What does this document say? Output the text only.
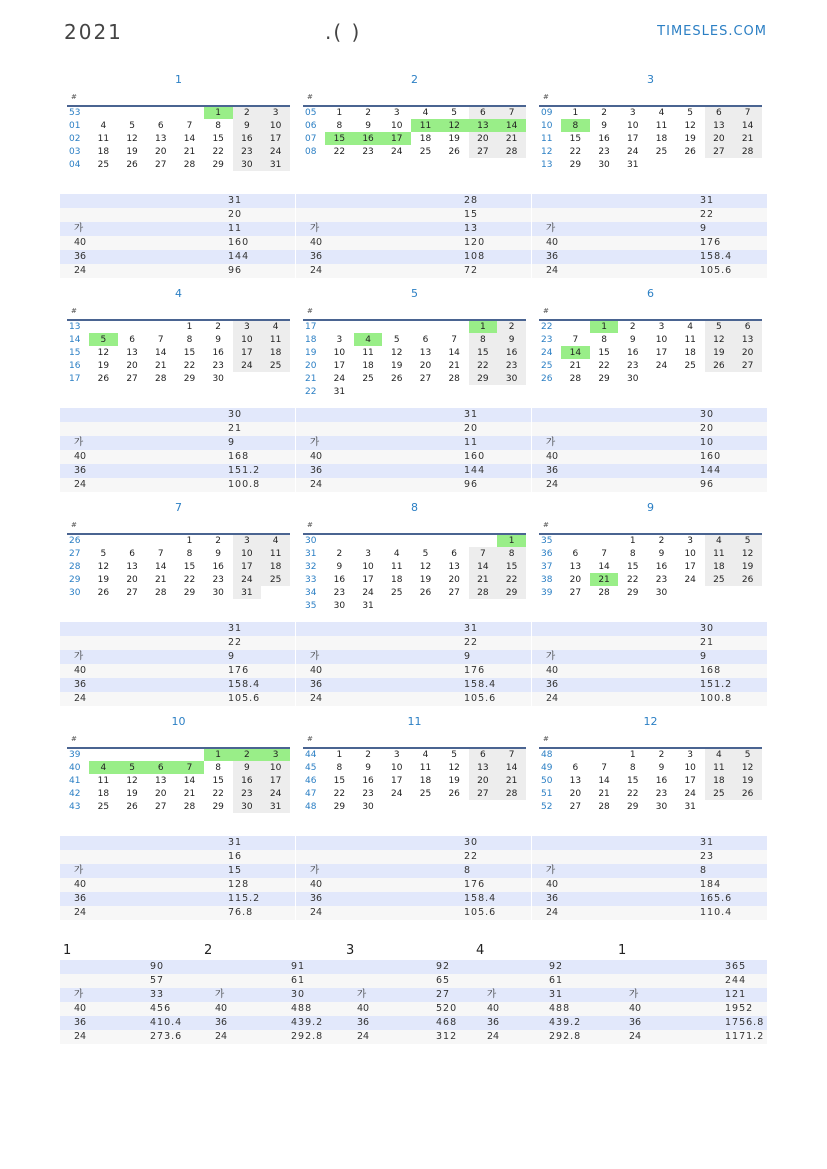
2021	.( )	TIMESLES.COM
1
#
53					1	2	3
01	4	5	6	7	8	9	10
02	11	12	13	14	15	16	17
03	18	19	20	21	22	23	24
04	25	26	27	28	29	30	31
31
20
가	11
40	160
36	144
24	96
2
#
05	1	2	3	4	5	6	7
06	8	9	10	11	12	13	14
07	15	16	17	18	19	20	21
08	22	23	24	25	26	27	28
28
15
가	13
40	120
36	108
24	72
3
#
09	1	2	3	4	5	6	7
10	8	9	10	11	12	13	14
11	15	16	17	18	19	20	21
12	22	23	24	25	26	27	28
13	29	30	31				
31
22
가	9
40	176
36	158.4
24	105.6
4
#
13				1	2	3	4
14	5	6	7	8	9	10	11
15	12	13	14	15	16	17	18
16	19	20	21	22	23	24	25
17	26	27	28	29	30		
30
21
가	9
40	168
36	151.2
24	100.8
5
#
17						1	2
18	3	4	5	6	7	8	9
19	10	11	12	13	14	15	16
20	17	18	19	20	21	22	23
21	24	25	26	27	28	29	30
22	31						
31
20
가	11
40	160
36	144
24	96
6
#
22		1	2	3	4	5	6
23	7	8	9	10	11	12	13
24	14	15	16	17	18	19	20
25	21	22	23	24	25	26	27
26	28	29	30				
30
20
가	10
40	160
36	144
24	96
7
#
26				1	2	3	4
27	5	6	7	8	9	10	11
28	12	13	14	15	16	17	18
29	19	20	21	22	23	24	25
30	26	27	28	29	30	31	
31
22
가	9
40	176
36	158.4
24	105.6
8
#
30							1
31	2	3	4	5	6	7	8
32	9	10	11	12	13	14	15
33	16	17	18	19	20	21	22
34	23	24	25	26	27	28	29
35	30	31					
31
22
가	9
40	176
36	158.4
24	105.6
9
#
35			1	2	3	4	5
36	6	7	8	9	10	11	12
37	13	14	15	16	17	18	19
38	20	21	22	23	24	25	26
39	27	28	29	30			
30
21
가	9
40	168
36	151.2
24	100.8
10
#
39					1	2	3
40	4	5	6	7	8	9	10
41	11	12	13	14	15	16	17
42	18	19	20	21	22	23	24
43	25	26	27	28	29	30	31
31
16
가	15
40	128
36	115.2
24	76.8
11
#
44	1	2	3	4	5	6	7
45	8	9	10	11	12	13	14
46	15	16	17	18	19	20	21
47	22	23	24	25	26	27	28
48	29	30					
30
22
가	8
40	176
36	158.4
24	105.6
12
#
48			1	2	3	4	5
49	6	7	8	9	10	11	12
50	13	14	15	16	17	18	19
51	20	21	22	23	24	25	26
52	27	28	29	30	31		
31
23
가	8
40	184
36	165.6
24	110.4
1
90
57
가	33
40	456
36	410.4
24	273.6
2
91
61
가	30
40	488
36	439.2
24	292.8
3
92
65
가	27
40	520
36	468
24	312
4
92
61
가	31
40	488
36	439.2
24	292.8
1
365
244
가	121
40	1952
36	1756.8
24	1171.2
